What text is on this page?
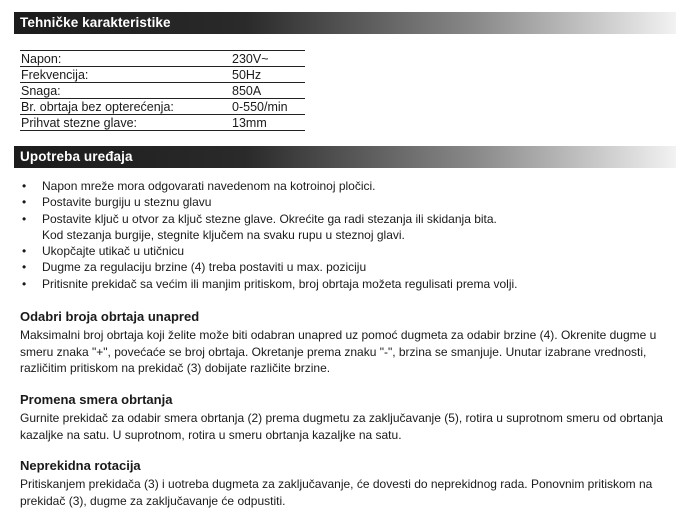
Tehničke karakteristike
Napon:	230V~
Frekvencija:	50Hz
Snaga:	850A
Br. obrtaja bez opterećenja:	0-550/min
Prihvat stezne glave:	13mm
Upotreba uređaja
• Napon mreže mora odgovarati navedenom na kotroinoj pločici.
• Postavite burgiju u steznu glavu
• Postavite ključ u otvor za ključ stezne glave. Okrećite ga radi stezanja ili skidanja bita.
Kod stezanja burgije, stegnite ključem na svaku rupu u steznoj glavi.
• Ukopčajte utikač u utičnicu
• Dugme za regulaciju brzine (4) treba postaviti u max. poziciju
• Pritisnite prekidač sa većim ili manjim pritiskom, broj obrtaja možeta regulisati prema volji.
Odabri broja obrtaja unapred

Maksimalni broj obrtaja koji želite može biti odabran unapred uz pomoć dugmeta za odabir brzine (4). Okrenite dugme u smeru znaka "+", povećaće se broj obrtaja. Okretanje prema znaku "-", brzina se smanjuje. Unutar izabrane vrednosti, različitim pritiskom na prekidač (3) dobijate različite brzine.

Promena smera obrtanja

Gurnite prekidač za odabir smera obrtanja (2) prema dugmetu za zaključavanje (5), rotira u suprotnom smeru od obrtanja kazaljke na satu. U suprotnom, rotira u smeru obrtanja kazaljke na satu.

Neprekidna rotacija

Pritiskanjem prekidača (3) i uotreba dugmeta za zaključavanje, će dovesti do neprekidnog rada. Ponovnim pritiskom na prekidač (3), dugme za zaključavanje će odpustiti.
